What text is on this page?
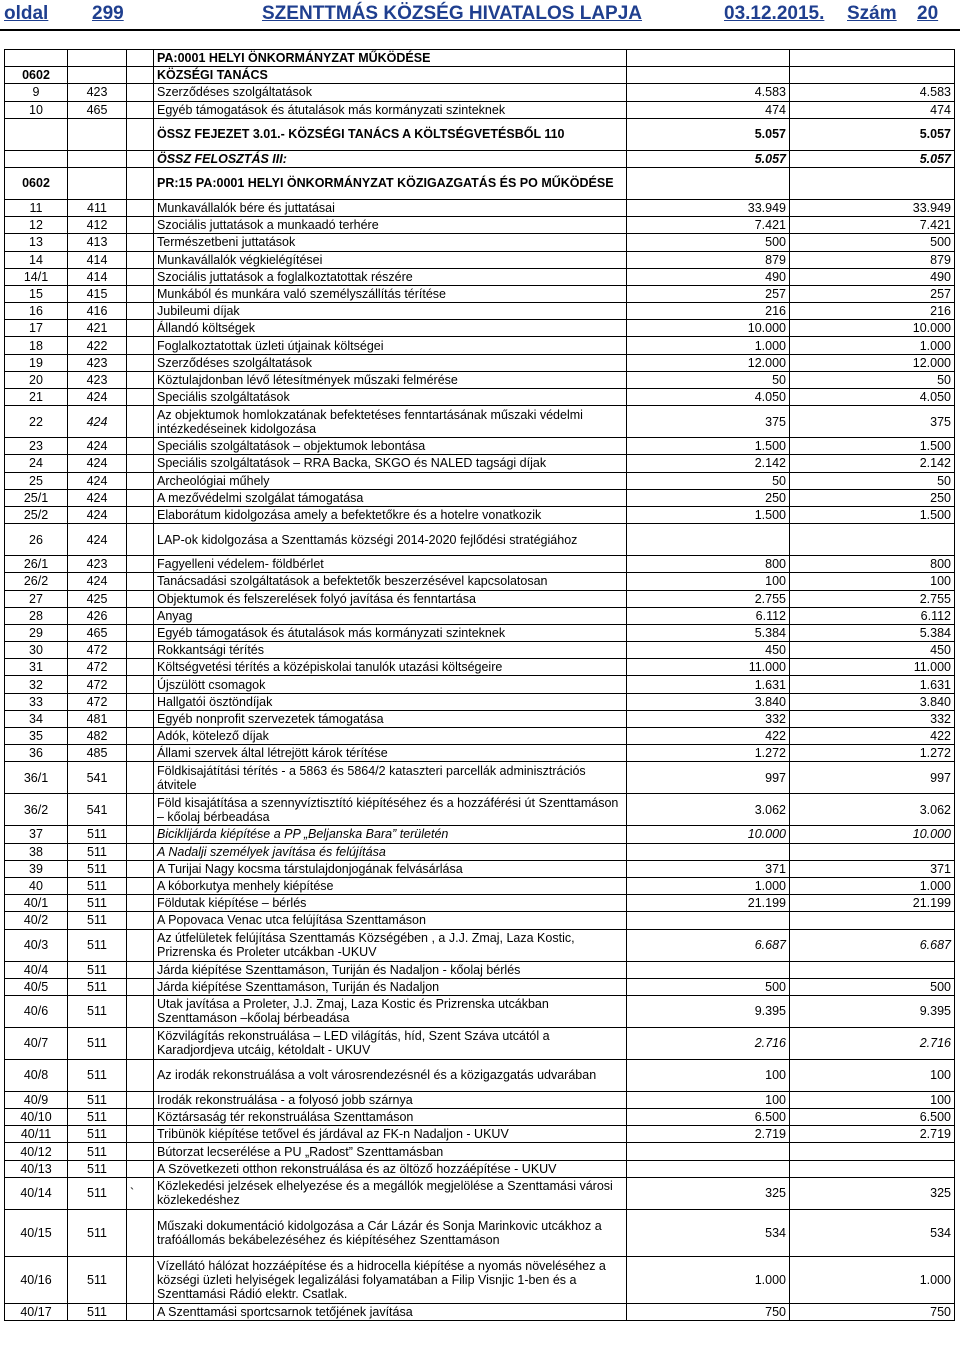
oldal 299	SZENTTMÁS KÖZSÉG HIVATALOS LAPJA	03.12.2015. Szám 20
			PA:0001 HELYI ÖNKORMÁNYZAT MŰKÖDÉSE		
0602			KÖZSÉGI TANÁCS		
9	423		Szerződéses szolgáltatások	4.583	4.583
10	465		Egyéb támogatások és átutalások más kormányzati szinteknek	474	474
			ÖSSZ FEJEZET 3.01.- KÖZSÉGI TANÁCS A KÖLTSÉGVETÉSBŐL 110	5.057	5.057
			ÖSSZ FELOSZTÁS III:	5.057	5.057
0602			PR:15 PA:0001 HELYI ÖNKORMÁNYZAT KÖZIGAZGATÁS ÉS PO MŰKÖDÉSE		
11	411		Munkavállalók bére és juttatásai	33.949	33.949
12	412		Szociális juttatások a munkaadó terhére	7.421	7.421
13	413		Természetbeni juttatások	500	500
14	414		Munkavállalók végkielégítései	879	879
14/1	414		Szociális juttatások a foglalkoztatottak részére	490	490
15	415		Munkából és munkára való személyszállítás térítése	257	257
16	416		Jubileumi díjak	216	216
17	421		Állandó költségek	10.000	10.000
18	422		Foglalkoztatottak üzleti útjainak költségei	1.000	1.000
19	423		Szerződéses szolgáltatások	12.000	12.000
20	423		Köztulajdonban lévő létesítmények műszaki felmérése	50	50
21	424		Speciális szolgáltatások	4.050	4.050
22	424		Az objektumok homlokzatának befektetéses fenntartásának műszaki védelmi intézkedéseinek kidolgozása	375	375
23	424		Speciális szolgáltatások – objektumok lebontása	1.500	1.500
24	424		Speciális szolgáltatások – RRA Backa, SKGO és NALED tagsági díjak	2.142	2.142
25	424		Archeológiai műhely	50	50
25/1	424		A mezővédelmi szolgálat támogatása	250	250
25/2	424		Elaborátum kidolgozása amely a befektetőkre és a hotelre vonatkozik	1.500	1.500
26	424		LAP-ok kidolgozása a Szenttamás községi 2014-2020 fejlődési stratégiához		
26/1	423		Fagyelleni védelem- földbérlet	800	800
26/2	424		Tanácsadási szolgáltatások a befektetők beszerzésével kapcsolatosan	100	100
27	425		Objektumok és felszerelések folyó javítása és fenntartása	2.755	2.755
28	426		Anyag	6.112	6.112
29	465		Egyéb támogatások és átutalások más kormányzati szinteknek	5.384	5.384
30	472		Rokkantsági térítés	450	450
31	472		Költségvetési térítés a középiskolai tanulók utazási költségeire	11.000	11.000
32	472		Újszülött csomagok	1.631	1.631
33	472		Hallgatói ösztöndíjak	3.840	3.840
34	481		Egyéb nonprofit szervezetek támogatása	332	332
35	482		Adók, kötelező díjak	422	422
36	485		Állami szervek által létrejött károk térítése	1.272	1.272
36/1	541		Földkisajátítási térítés - a 5863 és 5864/2 kataszteri parcellák adminisztrációs átvitele	997	997
36/2	541		Föld kisajátítása a szennyvíztisztító kiépítéséhez és a hozzáférési út Szenttamáson – kőolaj bérbeadása	3.062	3.062
37	511		Biciklijárda kiépítése a PP „Beljanska Bara” területén	10.000	10.000
38	511		A Nadalji személyek javítása és felújítása		
39	511		A Turijai Nagy kocsma társtulajdonjogának felvásárlása	371	371
40	511		A kóborkutya menhely kiépítése	1.000	1.000
40/1	511		Földutak kiépítése – bérlés	21.199	21.199
40/2	511		A Popovaca Venac utca felújítása Szenttamáson		
40/3	511		Az útfelületek felújítása Szenttamás Községében , a J.J. Zmaj, Laza Kostic, Prizrenska és Proleter utcákban -UKUV	6.687	6.687
40/4	511		Járda kiépítése Szenttamáson, Turiján és Nadaljon - kőolaj bérlés		
40/5	511		Járda kiépítése Szenttamáson, Turiján és Nadaljon	500	500
40/6	511		Utak javítása a Proleter, J.J. Zmaj, Laza Kostic és Prizrenska utcákban Szenttamáson –kőolaj bérbeadása	9.395	9.395
40/7	511		Közvilágítás rekonstruálása – LED világítás, híd, Szent Száva utcától a Karadjordjeva utcáig, kétoldalt - UKUV	2.716	2.716
40/8	511		Az irodák rekonstruálása a volt városrendezésnél és a közigazgatás udvarában	100	100
40/9	511		Irodák rekonstruálása - a folyosó jobb szárnya	100	100
40/10	511		Köztársaság tér rekonstruálása Szenttamáson	6.500	6.500
40/11	511		Tribünök kiépítése tetővel és járdával az FK-n Nadaljon - UKUV	2.719	2.719
40/12	511		Bútorzat lecserélése a PU „Radost” Szenttamásban		
40/13	511		A Szövetkezeti otthon rekonstruálása és az öltöző hozzáépítése - UKUV		
40/14	511	`	Közlekedési jelzések elhelyezése és a megállók megjelölése a Szenttamási városi közlekedéshez	325	325
40/15	511		Műszaki dokumentáció kidolgozása a Cár Lázár és Sonja Marinkovic utcákhoz a trafóállomás bekábelezéséhez és kiépítéséhez Szenttamáson	534	534
40/16	511		Vízellátó hálózat hozzáépítése és a hidrocella kiépítése a nyomás növeléséhez a községi üzleti helyiségek legalizálási folyamatában a Filip Visnjic 1-ben és a Szenttamási Rádió elektr. Csatlak.	1.000	1.000
40/17	511		A Szenttamási sportcsarnok tetőjének javítása	750	750
